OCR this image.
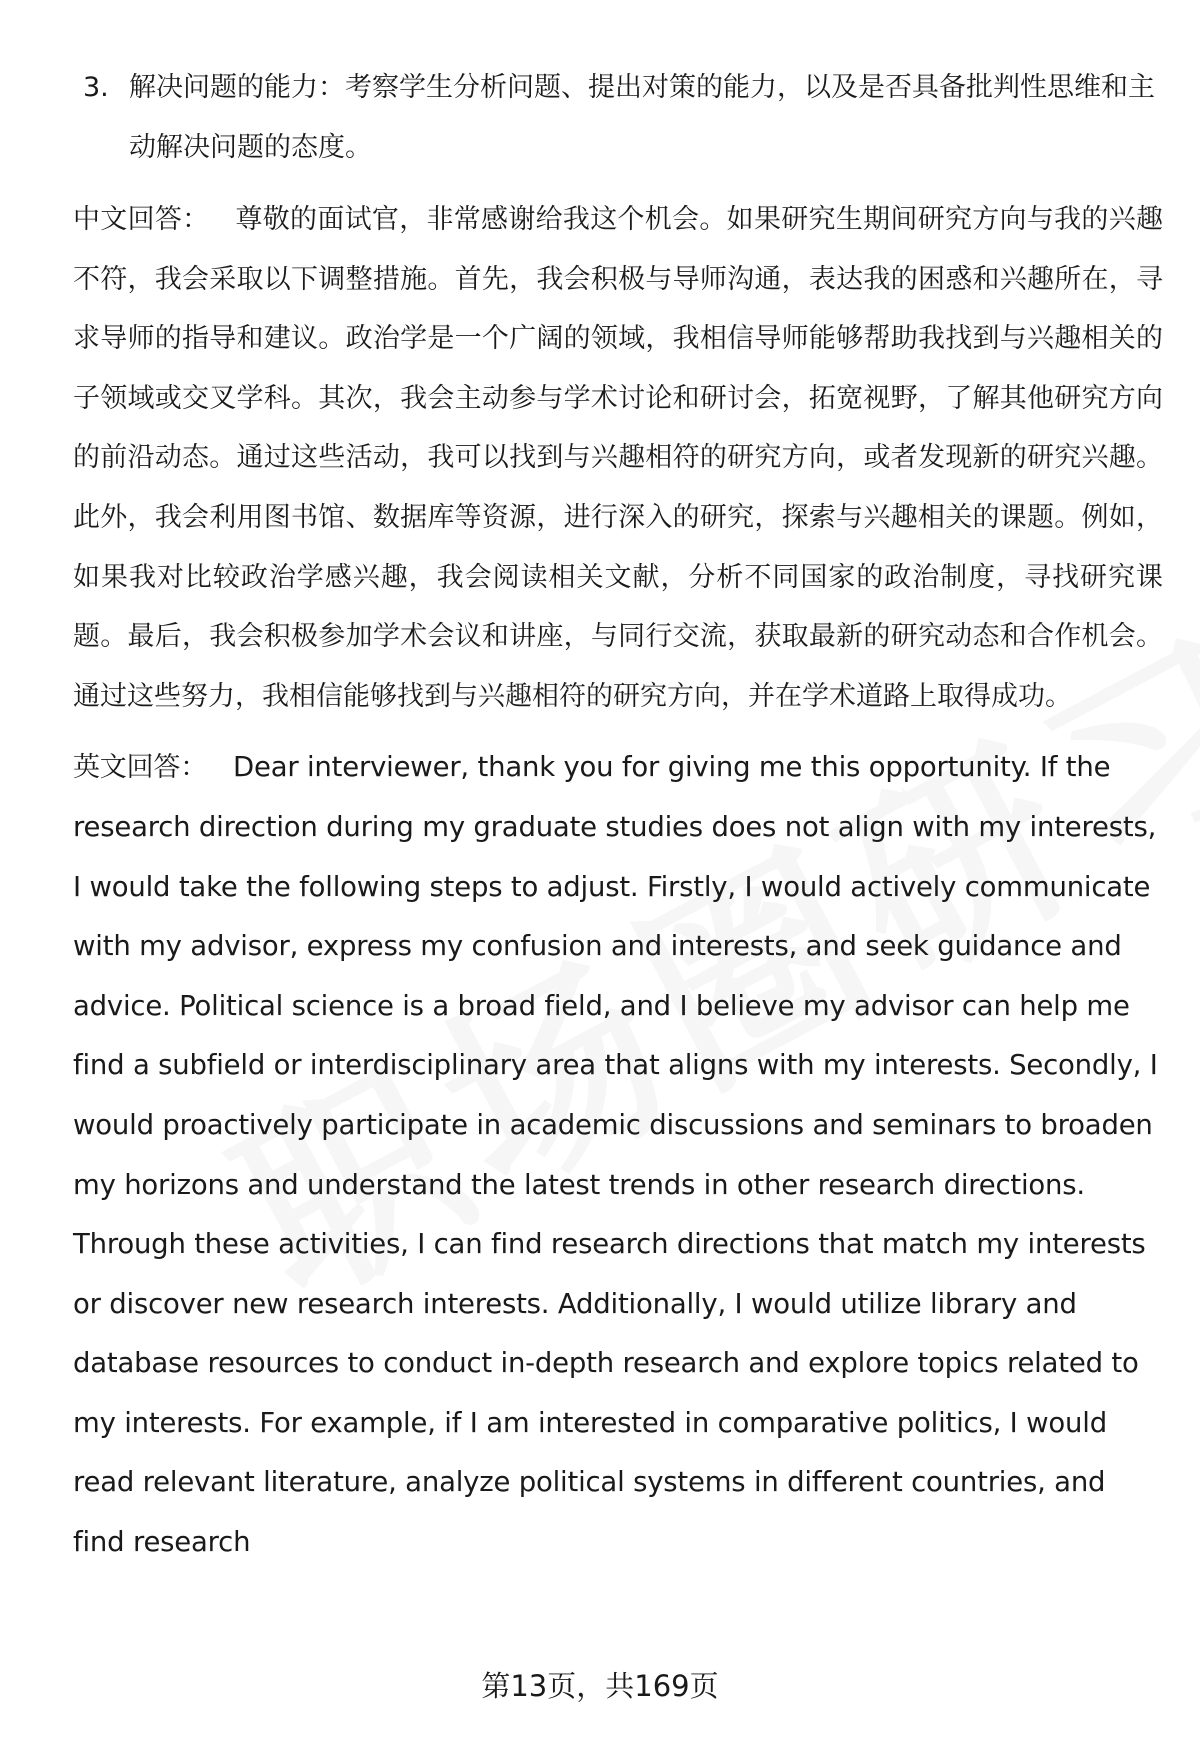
3. 解决问题的能力：考察学生分析问题、提出对策的能力，以及是否具备批判性思维和主动解决问题的态度。

中文回答： 尊敬的面试官，非常感谢给我这个机会。如果研究生期间研究方向与我的兴趣不符，我会采取以下调整措施。首先，我会积极与导师沟通，表达我的困惑和兴趣所在，寻求导师的指导和建议。政治学是一个广阔的领域，我相信导师能够帮助我找到与兴趣相关的子领域或交叉学科。其次，我会主动参与学术讨论和研讨会，拓宽视野，了解其他研究方向的前沿动态。通过这些活动，我可以找到与兴趣相符的研究方向，或者发现新的研究兴趣。此外，我会利用图书馆、数据库等资源，进行深入的研究，探索与兴趣相关的课题。例如，如果我对比较政治学感兴趣，我会阅读相关文献，分析不同国家的政治制度，寻找研究课题。最后，我会积极参加学术会议和讲座，与同行交流，获取最新的研究动态和合作机会。通过这些努力，我相信能够找到与兴趣相符的研究方向，并在学术道路上取得成功。

英文回答： Dear interviewer, thank you for giving me this opportunity. If the research direction during my graduate studies does not align with my interests, I would take the following steps to adjust. Firstly, I would actively communicate with my advisor, express my confusion and interests, and seek guidance and advice. Political science is a broad field, and I believe my advisor can help me find a subfield or interdisciplinary area that aligns with my interests. Secondly, I would proactively participate in academic discussions and seminars to broaden my horizons and understand the latest trends in other research directions. Through these activities, I can find research directions that match my interests or discover new research interests. Additionally, I would utilize library and database resources to conduct in-depth research and explore topics related to my interests. For example, if I am interested in comparative politics, I would read relevant literature, analyze political systems in different countries, and find research

第13页，共169页
